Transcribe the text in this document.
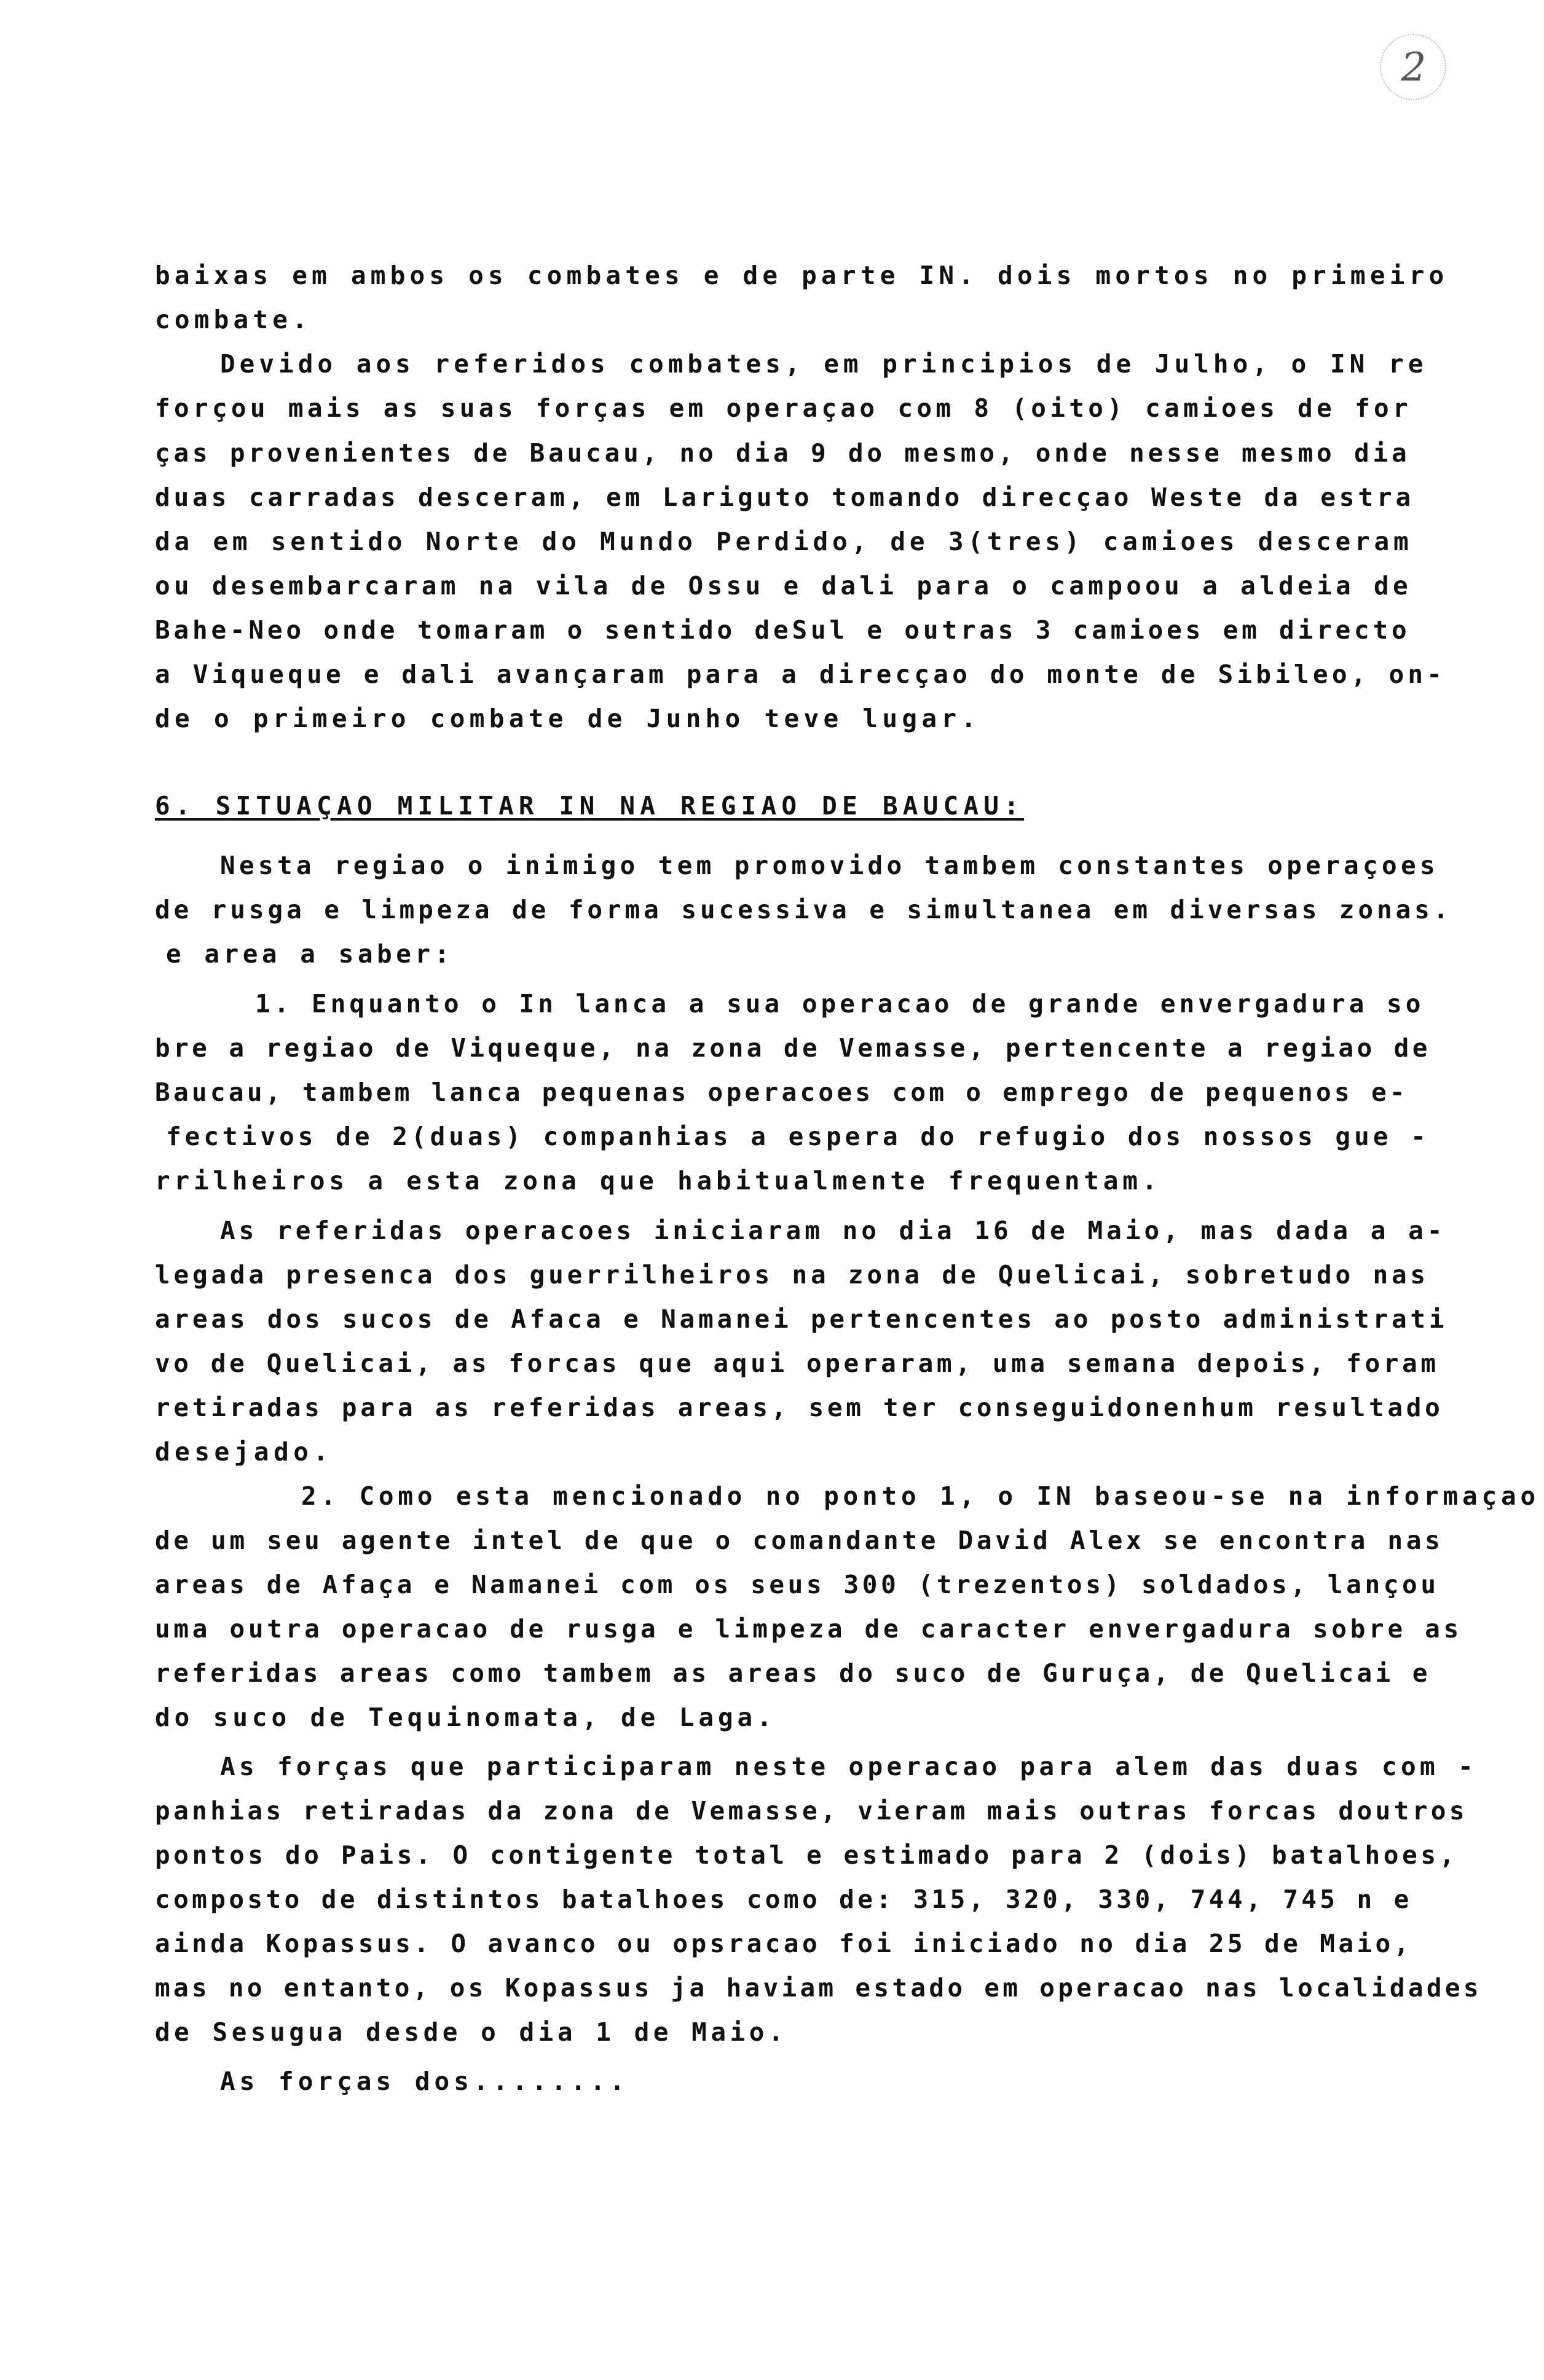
2
baixas em ambos os combates e de parte IN. dois mortos no primeiro
combate.
Devido aos referidos combates, em principios de Julho, o IN re
forçou mais as suas forças em operaçao com 8 (oito) camioes de for
ças provenientes de Baucau, no dia 9 do mesmo, onde nesse mesmo dia
duas carradas desceram, em Lariguto tomando direcçao Weste da estra
da em sentido Norte do Mundo Perdido, de 3(tres) camioes desceram
ou desembarcaram na vila de Ossu e dali para o campoou a aldeia de
Bahe-Neo onde tomaram o sentido deSul e outras 3 camioes em directo
a Viqueque e dali avançaram para a direcçao do monte de Sibileo, on-
de o primeiro combate de Junho teve lugar.
6. SITUAÇAO MILITAR IN NA REGIAO DE BAUCAU:
Nesta regiao o inimigo tem promovido tambem constantes operaçoes
de rusga e limpeza de forma sucessiva e simultanea em diversas zonas.
e area a saber:
1. Enquanto o In lanca a sua operacao de grande envergadura so
bre a regiao de Viqueque, na zona de Vemasse, pertencente a regiao de
Baucau, tambem lanca pequenas operacoes com o emprego de pequenos e-
fectivos de 2(duas) companhias a espera do refugio dos nossos gue -
rrilheiros a esta zona que habitualmente frequentam.
As referidas operacoes iniciaram no dia 16 de Maio, mas dada a a-
legada presenca dos guerrilheiros na zona de Quelicai, sobretudo nas
areas dos sucos de Afaca e Namanei pertencentes ao posto administrati
vo de Quelicai, as forcas que aqui operaram, uma semana depois, foram
retiradas para as referidas areas, sem ter conseguidonenhum resultado
desejado.
2. Como esta mencionado no ponto 1, o IN baseou-se na informaçao
de um seu agente intel de que o comandante David Alex se encontra nas
areas de Afaça e Namanei com os seus 300 (trezentos) soldados, lançou
uma outra operacao de rusga e limpeza de caracter envergadura sobre as
referidas areas como tambem as areas do suco de Guruça, de Quelicai e
do suco de Tequinomata, de Laga.
As forças que participaram neste operacao para alem das duas com -
panhias retiradas da zona de Vemasse, vieram mais outras forcas doutros
pontos do Pais. O contigente total e estimado para 2 (dois) batalhoes,
composto de distintos batalhoes como de: 315, 320, 330, 744, 745 n e
ainda Kopassus. O avanco ou opsracao foi iniciado no dia 25 de Maio,
mas no entanto, os Kopassus ja haviam estado em operacao nas localidades
de Sesugua desde o dia 1 de Maio.
As forças dos........
